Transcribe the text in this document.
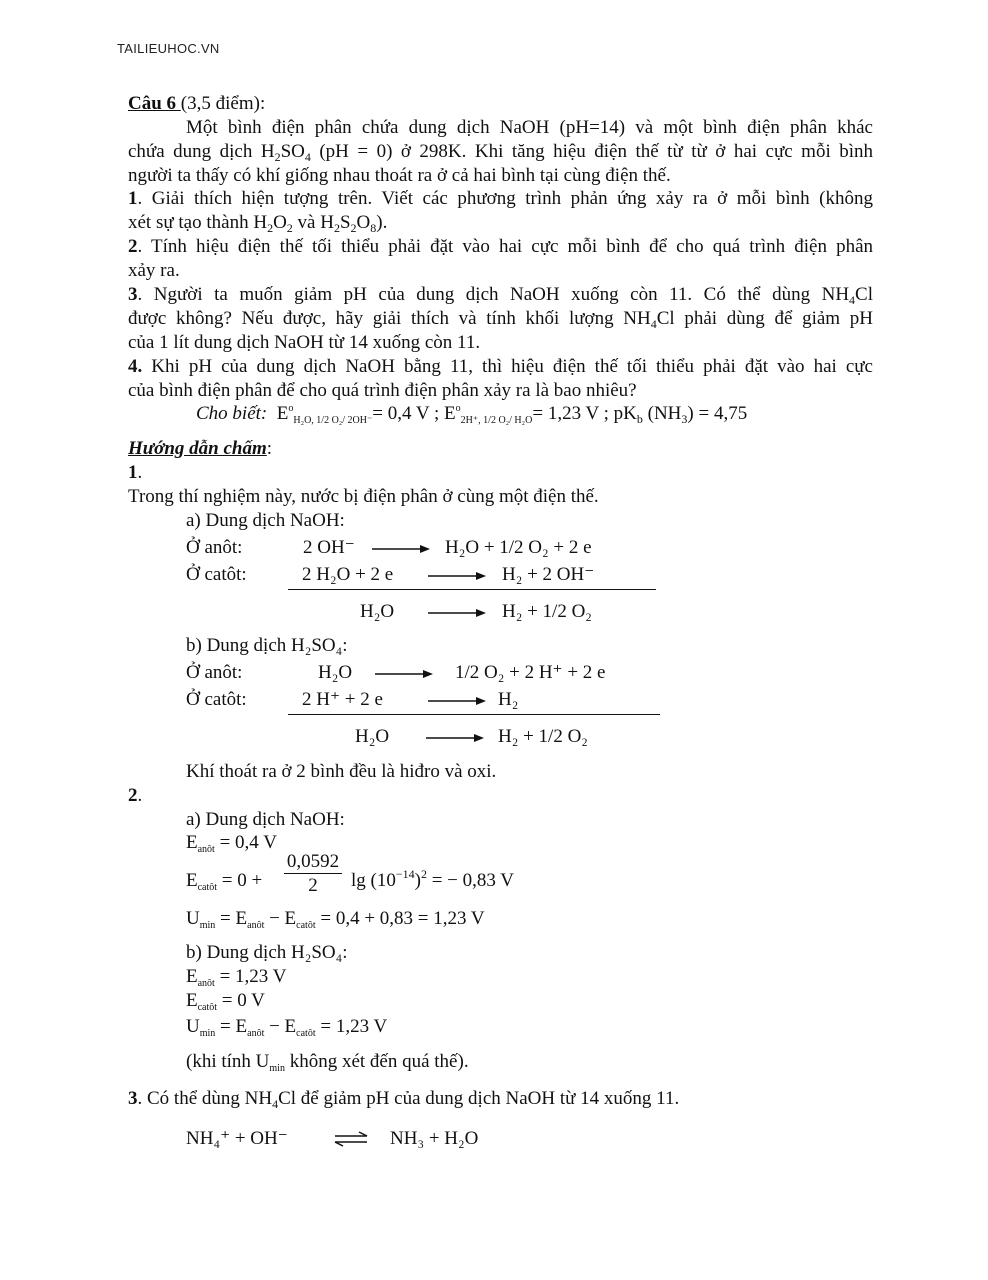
TAILIEUHOC.VN
Câu 6 (3,5 điểm):
Một bình điện phân chứa dung dịch NaOH (pH=14) và một bình điện phân khác
chứa dung dịch $H_2SO_4$ (pH = 0) ở 298K. Khi tăng hiệu điện thế từ từ ở hai cực mỗi bình
người ta thấy có khí giống nhau thoát ra ở cả hai bình tại cùng điện thế.
1. Giải thích hiện tượng trên. Viết các phương trình phản ứng xảy ra ở mỗi bình (không
xét sự tạo thành $H_2O_2$ và $H_2S_2O_8$).
2. Tính hiệu điện thế tối thiểu phải đặt vào hai cực mỗi bình để cho quá trình điện phân
xảy ra.
3. Người ta muốn giảm pH của dung dịch NaOH xuống còn 11. Có thể dùng $NH_4Cl$
được không? Nếu được, hãy giải thích và tính khối lượng $NH_4Cl$ phải dùng để giảm pH
của 1 lít dung dịch NaOH từ 14 xuống còn 11.
4. Khi pH của dung dịch NaOH bằng 11, thì hiệu điện thế tối thiểu phải đặt vào hai cực
của bình điện phân để cho quá trình điện phân xảy ra là bao nhiêu?
Cho biết: $E^o_{H_2O, 1/2 O_2/ 2OH^-}= 0,4$ V ; $E^o_{2H^+, 1/2 O_2/ H_2O}= 1,23$ V ; $pK_b$ $(NH_3) = 4,75$
Hướng dẫn chấm:
1.
Trong thí nghiệm này, nước bị điện phân ở cùng một điện thế.
a) Dung dịch NaOH:
Ở anôt:	2 OH⁻	H₂O + 1/2 O₂ + 2 e
Ở catôt:	2 H₂O + 2 e	H₂ + 2 OH⁻
H₂O	H₂ + 1/2 O₂
b) Dung dịch H₂SO₄:
Ở anôt:	H₂O	1/2 O₂ + 2 H⁺ + 2 e
Ở catôt:	2 H⁺ + 2 e	H₂
H₂O	H₂ + 1/2 O₂
Khí thoát ra ở 2 bình đều là hiđro và oxi.
2.
a) Dung dịch NaOH:
$E_{anôt} = 0,4$ V
$E_{catôt} = 0 + \frac{0,0592}{2}$ $\lg (10^{-14})^2$ = − 0,83 V
$U_{min} = E_{anôt} - E_{catôt} = 0,4 + 0,83 = 1,23$ V
b) Dung dịch H₂SO₄:
$E_{anôt} = 1,23$ V
$E_{catôt} = 0$ V
$U_{min} = E_{anôt} - E_{catôt} = 1,23$ V
(khi tính $U_{min}$ không xét đến quá thế).
3. Có thể dùng $NH_4Cl$ để giảm pH của dung dịch NaOH từ 14 xuống 11.
NH₄⁺ + OH⁻ ⇌ NH₃ + H₂O
